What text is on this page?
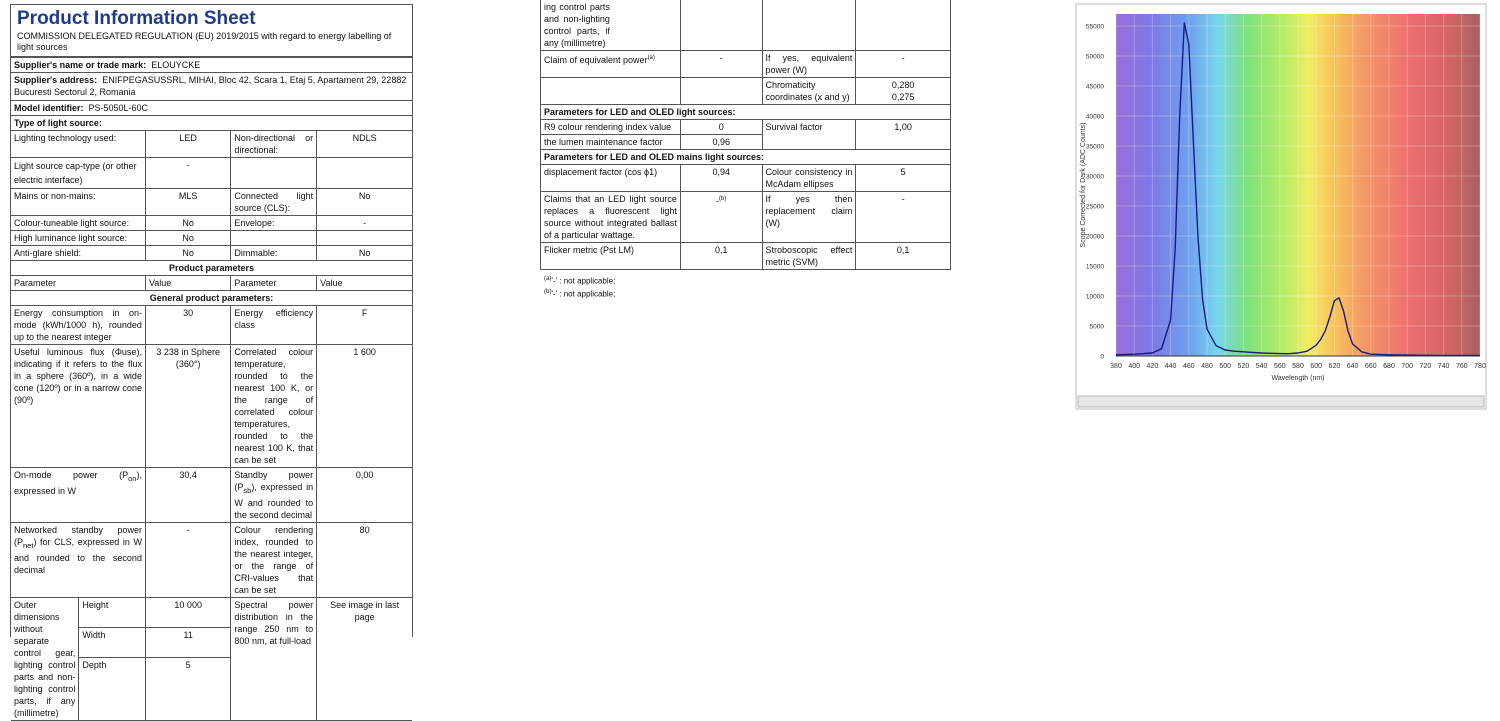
Product Information Sheet
COMMISSION DELEGATED REGULATION (EU) 2019/2015 with regard to energy labelling of light sources
Supplier's name or trade mark: ELOUYCKE				
Supplier's address: ENIFPEGASUSSRL, MIHAI, Bloc 42, Scara 1, Etaj 5, Apartament 29, 22882 Bucuresti Sectorul 2, Romania				
Model identifier: PS-5050L-60C				
Type of light source:				
Lighting technology used:		LED	Non-directional or directional:	NDLS
Light source cap-type (or other electric interface)		-		
Mains or non-mains:		MLS	Connected light source (CLS):	No
Colour-tuneable light source:		No	Envelope:	-
High luminance light source:		No		
Anti-glare shield:		No	Dimmable:	No
Product parameters				
Parameter		Value	Parameter	Value
General product parameters:				
Energy consumption in on-mode (kWh/1000 h), rounded up to the nearest integer		30	Energy efficiency class	F
Useful luminous flux (Φuse), indicating if it refers to the flux in a sphere (360º), in a wide cone (120º) or in a narrow cone (90º)		3 238 in Sphere (360°)	Correlated colour temperature, rounded to the nearest 100 K, or the range of correlated colour temperatures, rounded to the nearest 100 K, that can be set	1 600
On-mode power $(P_{on})$, expressed in W		30,4	Standby power $(P_{sb})$, expressed in W and rounded to the second decimal	0,00
Networked standby power $(P_{net})$ for CLS, expressed in W and rounded to the second decimal		-	Colour rendering index, rounded to the nearest integer, or the range of CRI-values that can be set	80
Outer dimensions without separate control gear, lighting control parts and non-lighting control parts, if any (millimetre)	Height	10 000	Spectral power distribution in the range 250 nm to 800 nm, at full-load	See image in last page
	Width	11		
	Depth	5		
ing control parts and non-lighting control parts, if any (millimetre)			
Claim of equivalent power$^{(a)}$	-	If yes, equivalent power (W)	-
		Chromaticity coordinates (x and y)	0,280
0,275

Parameters for LED and OLED light sources:			
R9 colour rendering index value	0	Survival factor	1,00
the lumen maintenance factor	0,96		
Parameters for LED and OLED mains light sources:			
displacement factor (cos ϕ1)	0,94	Colour consistency in McAdam ellipses	5
Claims that an LED light source replaces a fluorescent light source without integrated ballast of a particular wattage.	-$^{(b)}$	If yes then replacement claim (W)	-
Flicker metric (Pst LM)	0,1	Stroboscopic effect metric (SVM)	0,1
$^{(a)}$'-' : not applicable;
$^{(b)}$'-' : not applicable;
380 400 420 440 460 480 500 520 540 560 580 600 620 640 660 680 700 720 740 760 780
0
5000
10000
15000
20000
25000
30000
35000
40000
45000
50000
55000
Wavelength (nm)
Scope Corrected for Dark (ADC Counts)
